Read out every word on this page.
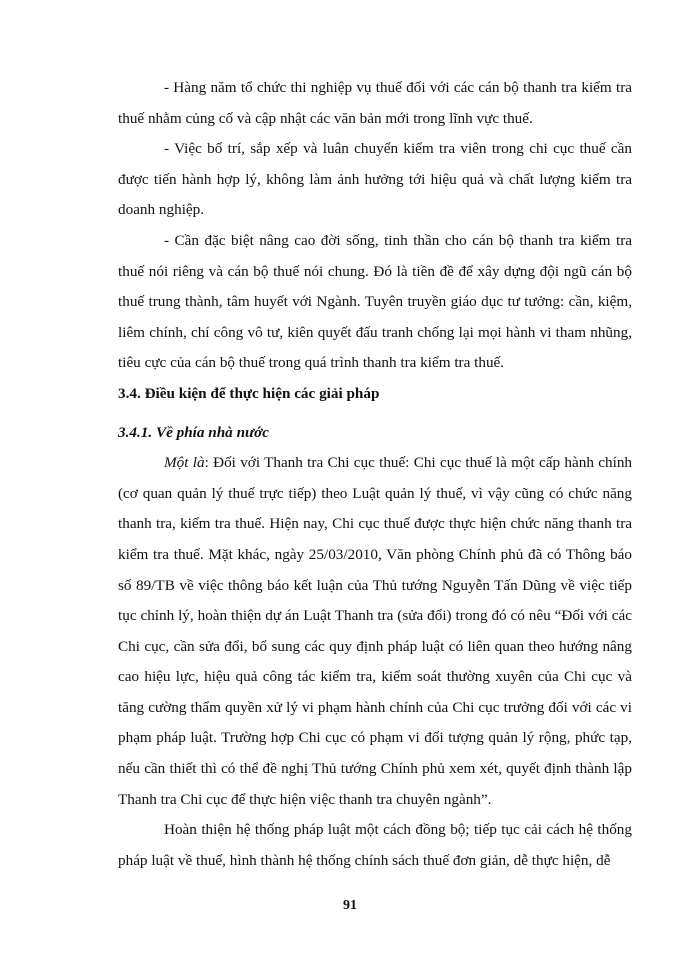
- Hàng năm tổ chức thi nghiệp vụ thuế đối với các cán bộ thanh tra kiểm tra thuế nhằm củng cố và cập nhật các văn bản mới trong lĩnh vực thuế.

- Việc bố trí, sắp xếp và luân chuyển kiểm tra viên trong chi cục thuế cần được tiến hành hợp lý, không làm ảnh hưởng tới hiệu quả và chất lượng kiểm tra doanh nghiệp.

- Cần đặc biệt nâng cao đời sống, tinh thần cho cán bộ thanh tra kiểm tra thuế nói riêng và cán bộ thuế nói chung. Đó là tiền đề để xây dựng đội ngũ cán bộ thuế trung thành, tâm huyết với Ngành. Tuyên truyền giáo dục tư tưởng: cần, kiệm, liêm chính, chí công vô tư, kiên quyết đấu tranh chống lại mọi hành vi tham nhũng, tiêu cực của cán bộ thuế trong quá trình thanh tra kiểm tra thuế.

3.4. Điều kiện để thực hiện các giải pháp

3.4.1. Về phía nhà nước

Một là: Đối với Thanh tra Chi cục thuế: Chi cục thuế là một cấp hành chính (cơ quan quản lý thuế trực tiếp) theo Luật quản lý thuế, vì vậy cũng có chức năng thanh tra, kiểm tra thuế. Hiện nay, Chi cục thuế được thực hiện chức năng thanh tra kiểm tra thuế. Mặt khác, ngày 25/03/2010, Văn phòng Chính phủ đã có Thông báo số 89/TB về việc thông báo kết luận của Thủ tướng Nguyễn Tấn Dũng về việc tiếp tục chỉnh lý, hoàn thiện dự án Luật Thanh tra (sửa đổi) trong đó có nêu “Đối với các Chi cục, cần sửa đổi, bổ sung các quy định pháp luật có liên quan theo hướng nâng cao hiệu lực, hiệu quả công tác kiểm tra, kiểm soát thường xuyên của Chi cục và tăng cường thẩm quyền xử lý vi phạm hành chính của Chi cục trưởng đối với các vi phạm pháp luật. Trường hợp Chi cục có phạm vi đối tượng quản lý rộng, phức tạp, nếu cần thiết thì có thể đề nghị Thủ tướng Chính phủ xem xét, quyết định thành lập Thanh tra Chi cục để thực hiện việc thanh tra chuyên ngành”.

Hoàn thiện hệ thống pháp luật một cách đồng bộ; tiếp tục cải cách hệ thống pháp luật về thuế, hình thành hệ thống chính sách thuế đơn giản, dễ thực hiện, dễ

91
